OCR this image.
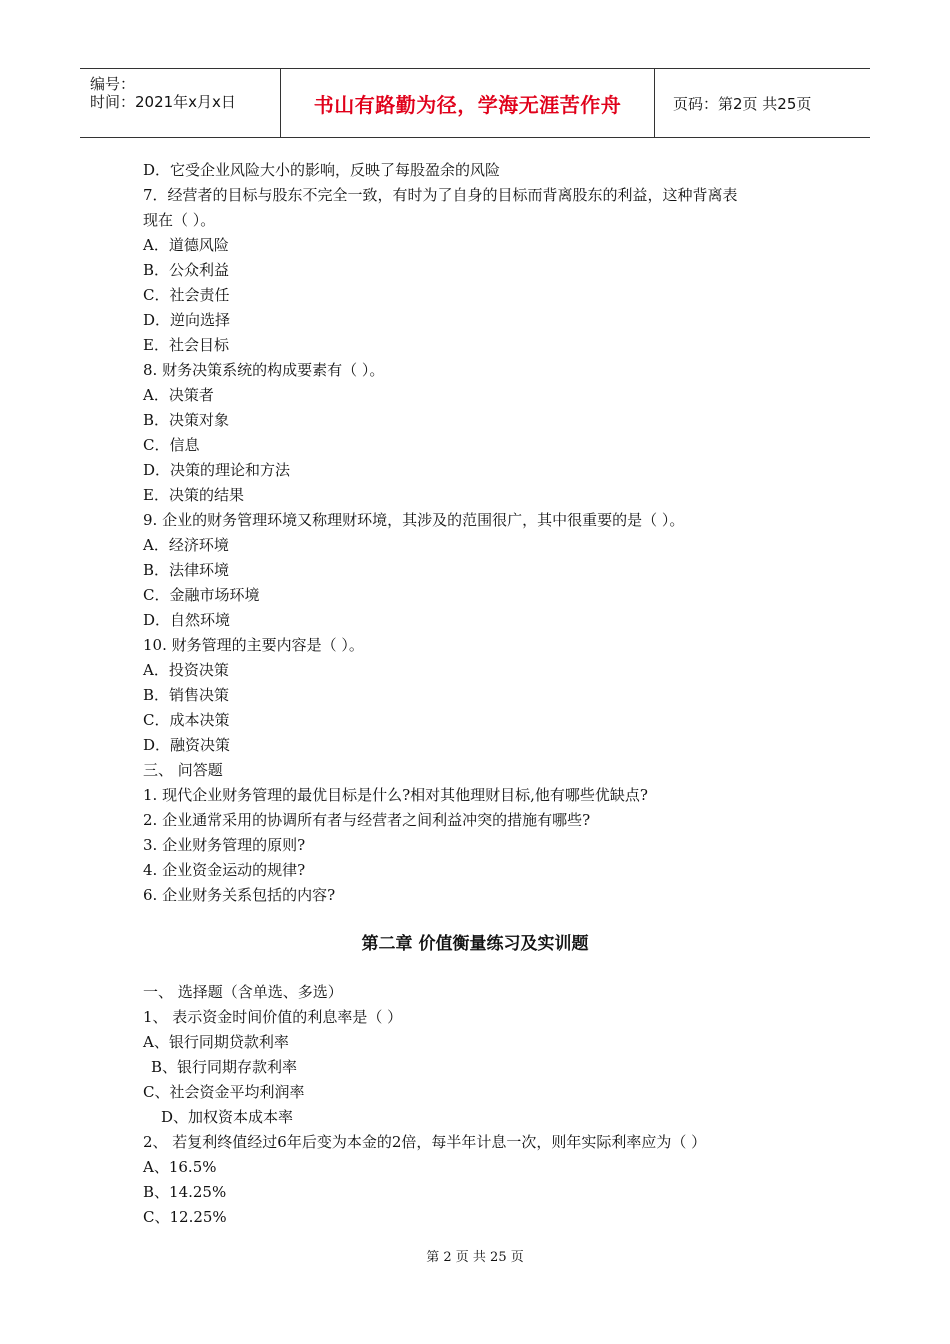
编号：
时间：2021年x月x日	书山有路勤为径，学海无涯苦作舟	页码：第2页 共25页
D．它受企业风险大小的影响，反映了每股盈余的风险
7．经营者的目标与股东不完全一致，有时为了自身的目标而背离股东的利益，这种背离表
现在（ ）。
A．道德风险
B．公众利益
C．社会责任
D．逆向选择
E．社会目标
8. 财务决策系统的构成要素有（ ）。
A．决策者
B．决策对象
C．信息
D．决策的理论和方法
E．决策的结果
9. 企业的财务管理环境又称理财环境，其涉及的范围很广，其中很重要的是（ ）。
A．经济环境
B．法律环境
C．金融市场环境
D．自然环境
10. 财务管理的主要内容是（ ）。
A．投资决策
B．销售决策
C．成本决策
D．融资决策
三、 问答题
1. 现代企业财务管理的最优目标是什么?相对其他理财目标,他有哪些优缺点?
2. 企业通常采用的协调所有者与经营者之间利益冲突的措施有哪些?
3. 企业财务管理的原则?
4. 企业资金运动的规律?
6. 企业财务关系包括的内容?
第二章 价值衡量练习及实训题
一、 选择题（含单选、多选）
1、 表示资金时间价值的利息率是（ ）
A、银行同期贷款利率
B、银行同期存款利率
C、社会资金平均利润率
D、加权资本成本率
2、 若复利终值经过6年后变为本金的2倍，每半年计息一次，则年实际利率应为（ ）
A、16.5%
B、14.25%
C、12.25%
第 2 页 共 25 页
